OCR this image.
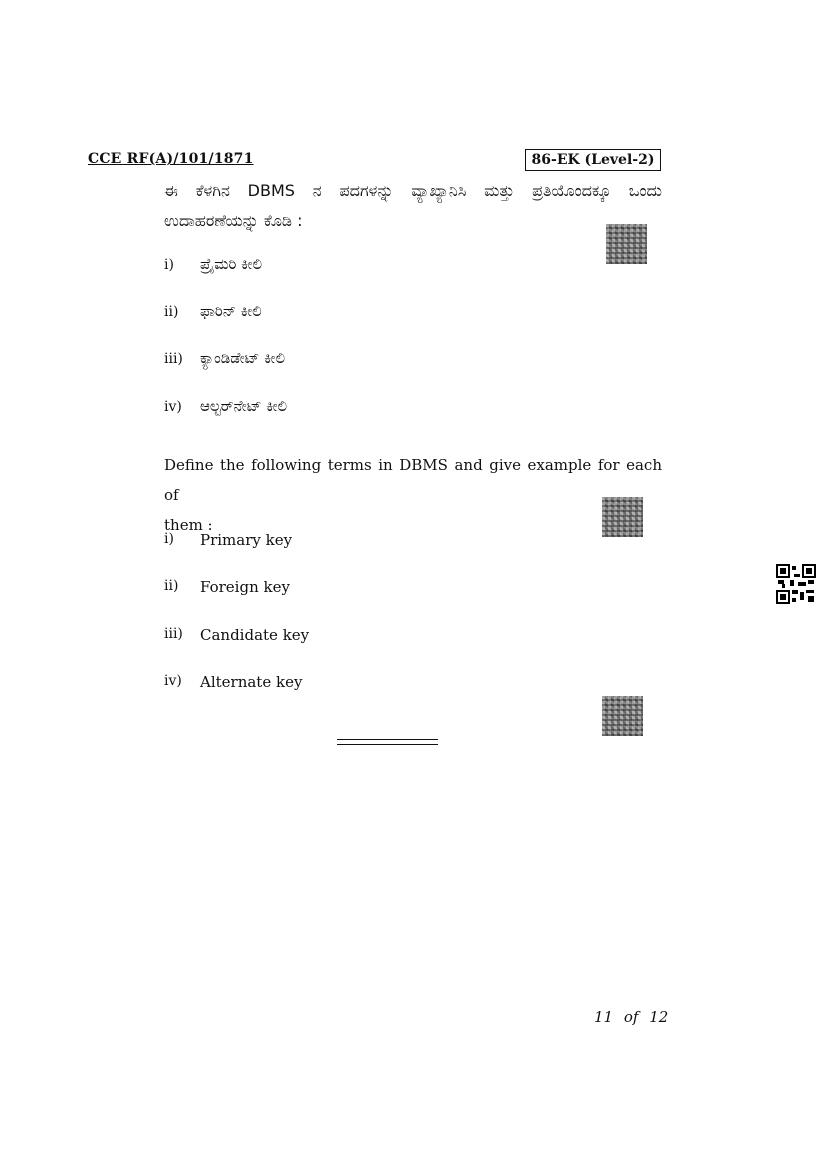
CCE RF(A)/101/1871	86-EK (Level-2)
ಈ ಕೆಳಗಿನ DBMS ನ ಪದಗಳನ್ನು ವ್ಯಾಖ್ಯಾನಿಸಿ ಮತ್ತು ಪ್ರತಿಯೊಂದಕ್ಕೂ ಒಂದು
ಉದಾಹರಣೆಯನ್ನು ಕೊಡಿ :
i) ಪ್ರೈಮರಿ ಕೀಲಿ
ii) ಫಾರಿನ್ ಕೀಲಿ
iii) ಕ್ಯಾಂಡಿಡೇಟ್ ಕೀಲಿ
iv) ಆಲ್ಟರ್‌ನೇಟ್ ಕೀಲಿ
Define the following terms in DBMS and give example for each of
them :
i) Primary key
ii) Foreign key
iii) Candidate key
iv) Alternate key
11 of 12
